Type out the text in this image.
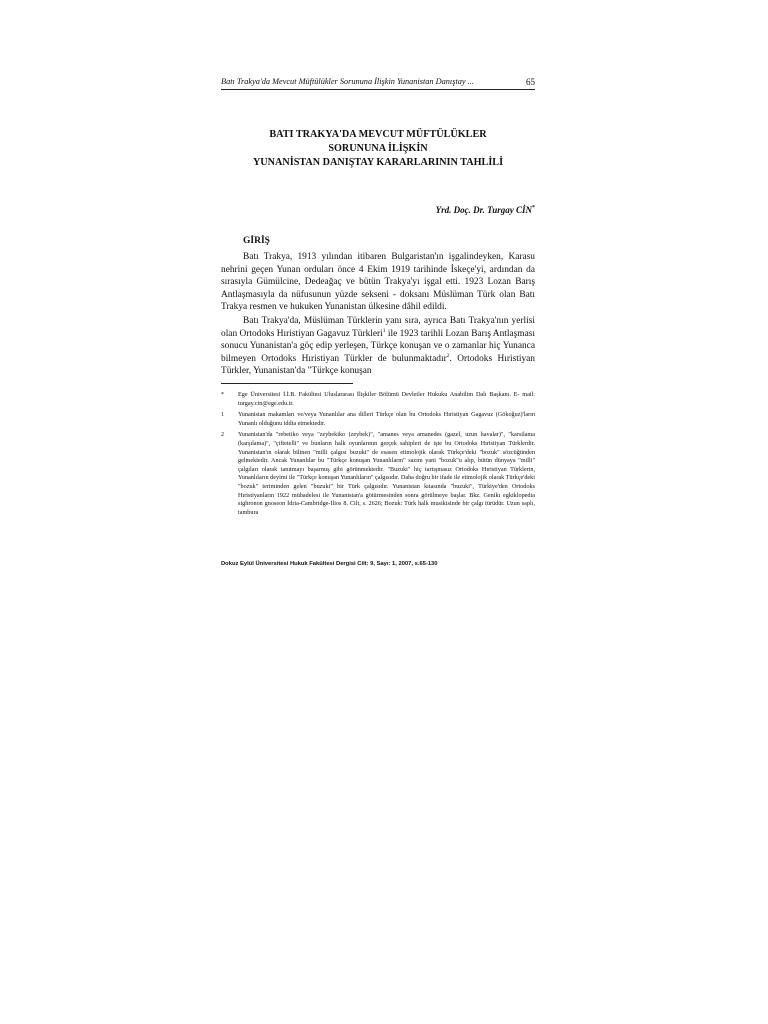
Batı Trakya'da Mevcut Müftülükler Sorununa İlişkin Yunanistan Danıştay ...	65
BATI TRAKYA'DA MEVCUT MÜFTÜLÜKLER
SORUNUNA İLİŞKİN
YUNANİSTAN DANIŞTAY KARARLARININ TAHLİLİ
Yrd. Doç. Dr. Turgay CİN*
GİRİŞ

Batı Trakya, 1913 yılından itibaren Bulgaristan'ın işgalindeyken, Karasu nehrini geçen Yunan orduları önce 4 Ekim 1919 tarihinde İskeçe'yi, ardından da sırasıyla Gümülcine, Dedeağaç ve bütün Trakya'yı işgal etti. 1923 Lozan Barış Antlaşmasıyla da nüfusunun yüzde sekseni - doksanı Müslüman Türk olan Batı Trakya resmen ve hukuken Yunanistan ülkesine dâhil edildi.

Batı Trakya'da, Müslüman Türklerin yanı sıra, ayrıca Batı Trakya'nın yerlisi olan Ortodoks Hıristiyan Gagavuz Türkleri$^1$ ile 1923 tarihli Lozan Barış Antlaşması sonucu Yunanistan'a göç edip yerleşen, Türkçe konuşan ve o zamanlar hiç Yunanca bilmeyen Ortodoks Hıristiyan Türkler de bulunmaktadır$^2$. Ortodoks Hıristiyan Türkler, Yunanistan'da "Türkçe konuşan

*	Ege Üniversitesi İ.İ.B. Fakültesi Uluslararası İlişkiler Bölümü Devletler Hukuku Anabilim Dalı Başkanı. E- mail: turgay.cin@ege.edu.tr.
1	Yunanistan makamları ve/veya Yunanlılar ana dilleri Türkçe olan bu Ortodoks Hıristiyan Gagavuz (Gökoğuz)'ların Yunanlı olduğunu iddia etmektedir.
2	Yunanistan'da "rebetiko veya "zeybekiko (zeybek)", "amanes veya amanedes (gazel, uzun havalar)", "karsilama (karşılama)", "çiftetelli" ve bunların halk oyunlarının gerçek sahipleri de işte bu Ortodoks Hıristiyan Türklerdir. Yunanistan'ın olarak bilinen "milli çalgısı buzuki" de esasen etimolojik olarak Türkçe'deki "bozuk" sözcüğünden gelmektedir. Ancak Yunanlılar bu "Türkçe konuşan Yunanlıların" sazını yani "bozuk"u alıp, bütün dünyaya "milli" çalgıları olarak tanıtmayı başarmış gibi görünmektedir. "Buzuki" hiç tartışmasız Ortodoks Hıristiyan Türklerin, Yunanlıların deyimi ile "Türkçe konuşan Yunanlıların" çalgısıdır. Daha doğru bir ifade ile etimolojik olarak Türkçe'deki "bozuk" teriminden gelen "buzuki" bir Türk çalgısıdır. Yunanistan kıtasında "buzuki", Türkiye'den Ortodoks Hıristiyanların 1922 mübadelesi ile Yunanistan'a götürmesinden sonra görülmeye başlar. Bkz. Genikı egkiklopedia sighronon gnoseon İdria-Cambridge-Ilios 8. Cilt, s. 2626; Bozuk: Türk halk musikisinde bir çalgı türüdür. Uzun saplı, tambura
Dokuz Eylül Üniversitesi Hukuk Fakültesi Dergisi Cilt: 9, Sayı: 1, 2007, s.65-130
